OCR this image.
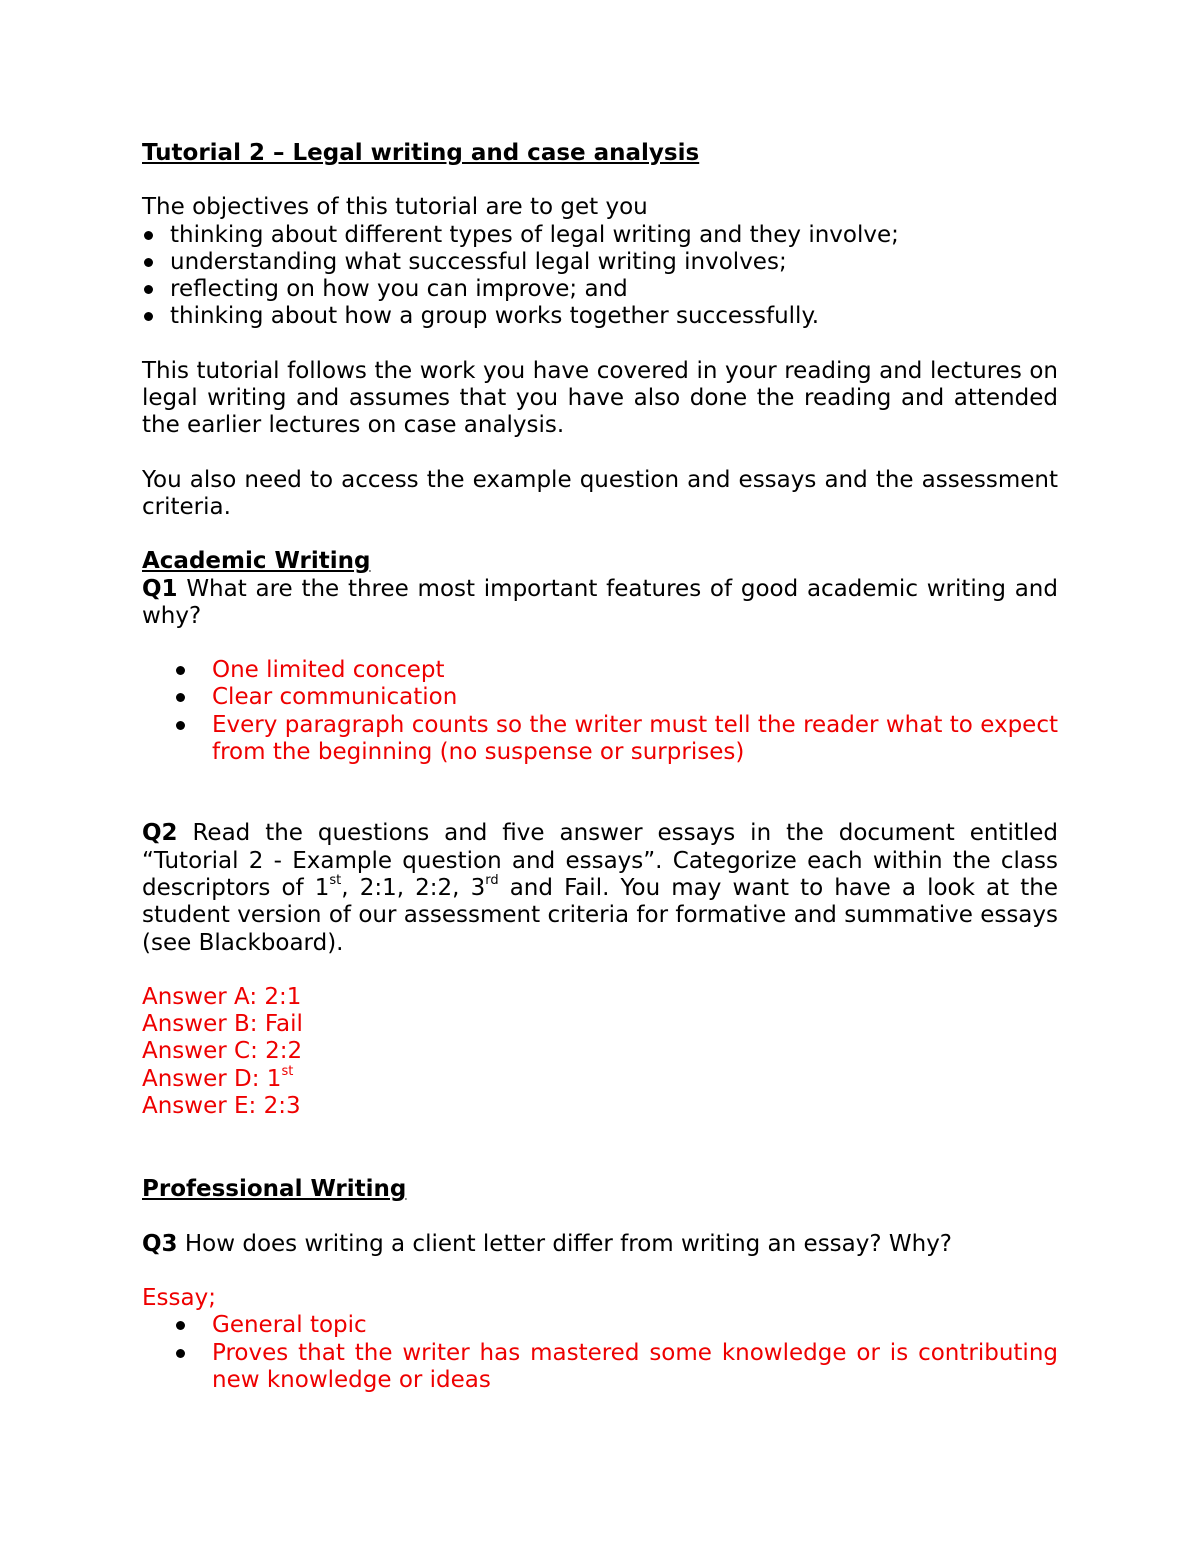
Tutorial 2 – Legal writing and case analysis

The objectives of this tutorial are to get you

thinking about different types of legal writing and they involve;
understanding what successful legal writing involves;
reflecting on how you can improve; and
thinking about how a group works together successfully.

This tutorial follows the work you have covered in your reading and lectures on legal writing and assumes that you have also done the reading and attended the earlier lectures on case analysis.

You also need to access the example question and essays and the assessment criteria.

Academic Writing

Q1 What are the three most important features of good academic writing and why?

One limited concept
Clear communication
Every paragraph counts so the writer must tell the reader what to expect from the beginning (no suspense or surprises)

Q2 Read the questions and five answer essays in the document entitled “Tutorial 2 - Example question and essays”. Categorize each within the class descriptors of 1st, 2:1, 2:2, 3rd and Fail. You may want to have a look at the student version of our assessment criteria for formative and summative essays (see Blackboard).

Answer A: 2:1

Answer B: Fail

Answer C: 2:2

Answer D: 1st

Answer E: 2:3

Professional Writing

Q3 How does writing a client letter differ from writing an essay? Why?

Essay;

General topic
Proves that the writer has mastered some knowledge or is contributing new knowledge or ideas
